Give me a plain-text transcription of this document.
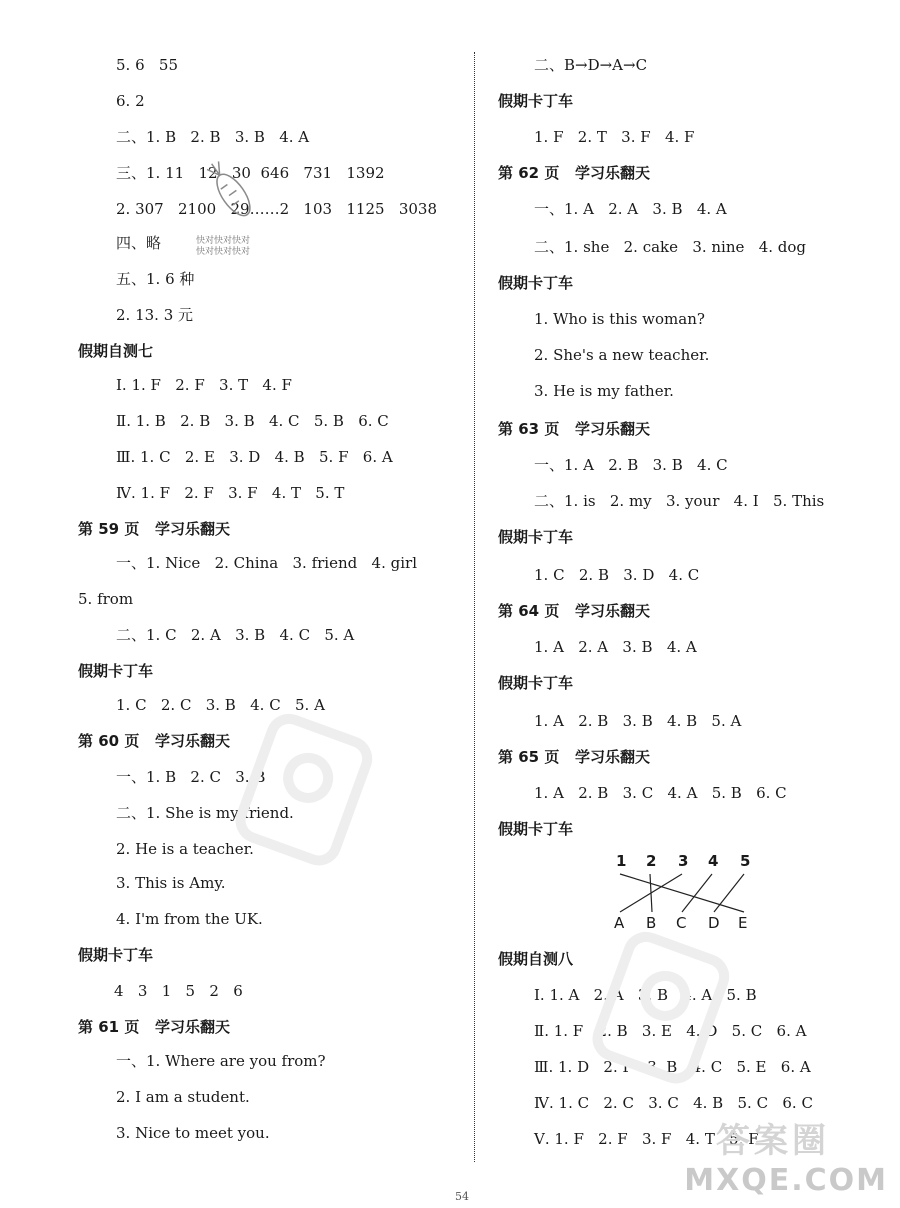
5. 6   55
6. 2
二、1. B   2. B   3. B   4. A
三、1. 11   12   30  646   731   1392
2. 307   2100   29……2   103   1125   3038
四、略
五、1. 6 种
2. 13. 3 元
假期自测七
Ⅰ. 1. F   2. F   3. T   4. F
Ⅱ. 1. B   2. B   3. B   4. C   5. B   6. C
Ⅲ. 1. C   2. E   3. D   4. B   5. F   6. A
Ⅳ. 1. F   2. F   3. F   4. T   5. T
第 59 页   学习乐翻天
一、1. Nice   2. China   3. friend   4. girl
5. from
二、1. C   2. A   3. B   4. C   5. A
假期卡丁车
1. C   2. C   3. B   4. C   5. A
第 60 页   学习乐翻天
一、1. B   2. C   3. B
二、1. She is my friend.
2. He is a teacher.
3. This is Amy.
4. I'm from the UK.
假期卡丁车
4   3   1   5   2   6
第 61 页   学习乐翻天
一、1. Where are you from?
2. I am a student.
3. Nice to meet you.
二、B→D→A→C
假期卡丁车
1. F   2. T   3. F   4. F
第 62 页   学习乐翻天
一、1. A   2. A   3. B   4. A
二、1. she   2. cake   3. nine   4. dog
假期卡丁车
1. Who is this woman?
2. She's a new teacher.
3. He is my father.
第 63 页   学习乐翻天
一、1. A   2. B   3. B   4. C
二、1. is   2. my   3. your   4. I   5. This
假期卡丁车
1. C   2. B   3. D   4. C
第 64 页   学习乐翻天
1. A   2. A   3. B   4. A
假期卡丁车
1. A   2. B   3. B   4. B   5. A
第 65 页   学习乐翻天
1. A   2. B   3. C   4. A   5. B   6. C
假期卡丁车
假期自测八
Ⅰ. 1. A   2. A   3. B   4. A   5. B
Ⅱ. 1. F   2. B   3. E   4. D   5. C   6. A
Ⅲ. 1. D   2. F   3. B   4. C   5. E   6. A
Ⅳ. 1. C   2. C   3. C   4. B   5. C   6. C
Ⅴ. 1. F   2. F   3. F   4. T   5. F
1 2 3 4 5
A B C D E
快对快对快对
快对快对快对
答案圈
MXQE.COM
54
